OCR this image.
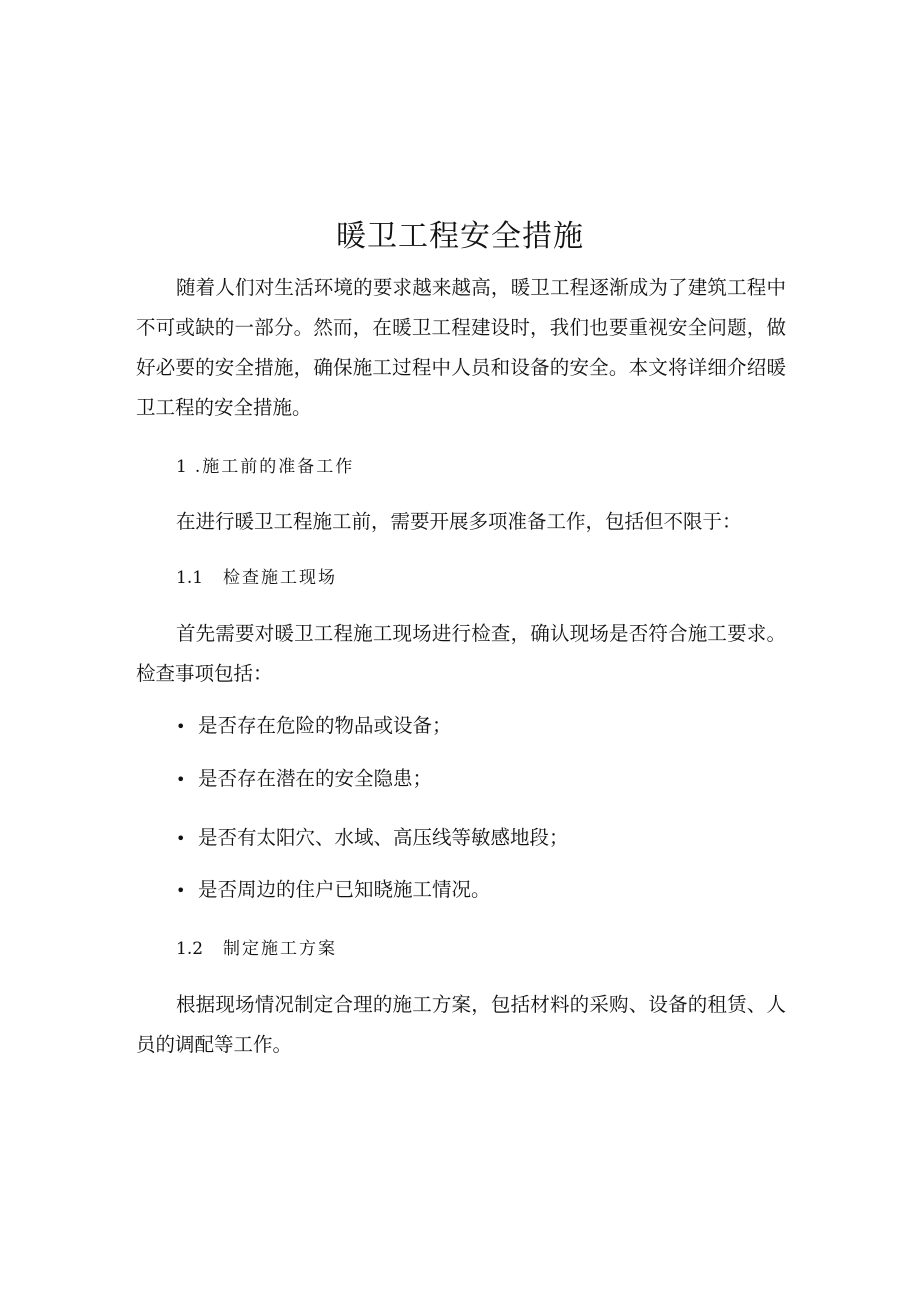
暖卫工程安全措施

随着人们对生活环境的要求越来越高，暖卫工程逐渐成为了建筑工程中不可或缺的一部分。然而，在暖卫工程建设时，我们也要重视安全问题，做好必要的安全措施，确保施工过程中人员和设备的安全。本文将详细介绍暖卫工程的安全措施。

1 .施工前的准备工作

在进行暖卫工程施工前，需要开展多项准备工作，包括但不限于：

1.1 检查施工现场

首先需要对暖卫工程施工现场进行检查，确认现场是否符合施工要求。检查事项包括：

• 是否存在危险的物品或设备；

• 是否存在潜在的安全隐患；

• 是否有太阳穴、水域、高压线等敏感地段；

• 是否周边的住户已知晓施工情况。

1.2 制定施工方案

根据现场情况制定合理的施工方案，包括材料的采购、设备的租赁、人员的调配等工作。
